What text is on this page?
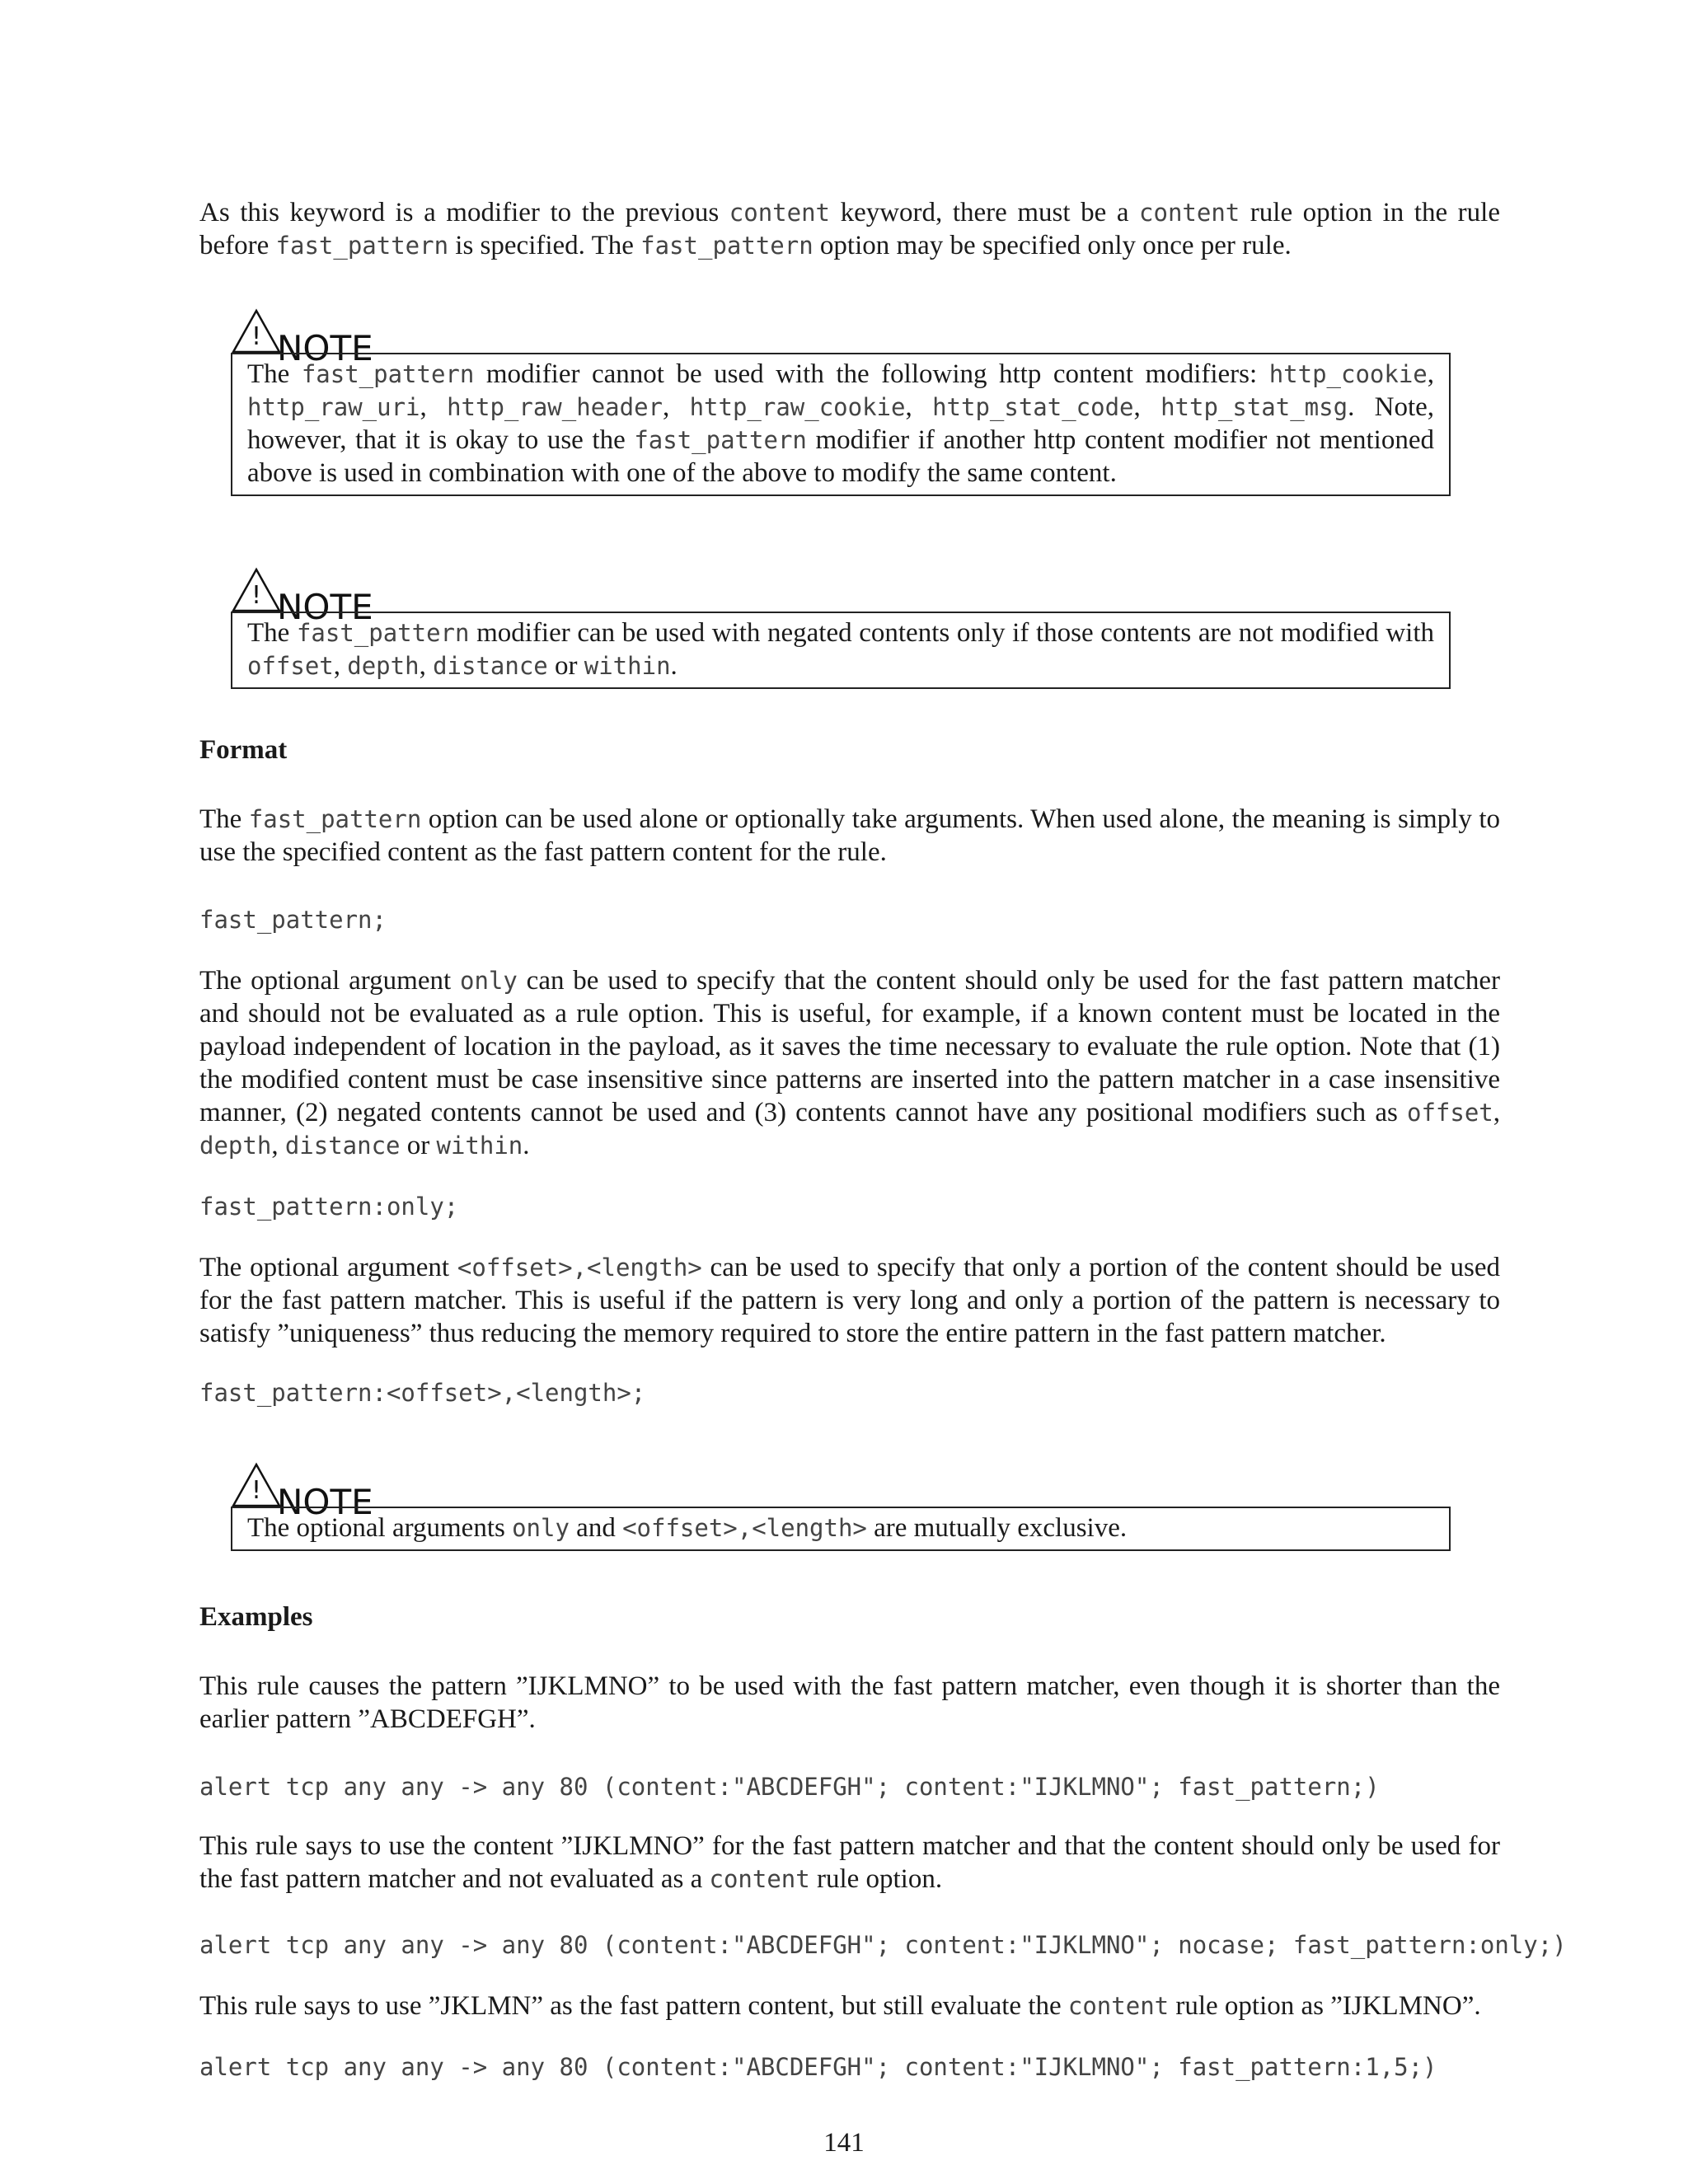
As this keyword is a modifier to the previous content keyword, there must be a content rule option in the rule before fast_pattern is specified. The fast_pattern option may be specified only once per rule.

! NOTE
The fast_pattern modifier cannot be used with the following http content modifiers: http_cookie, http_raw_uri, http_raw_header, http_raw_cookie, http_stat_code, http_stat_msg. Note, however, that it is okay to use the fast_pattern modifier if another http content modifier not mentioned above is used in combination with one of the above to modify the same content.
! NOTE
The fast_pattern modifier can be used with negated contents only if those contents are not modified with offset, depth, distance or within.

Format

The fast_pattern option can be used alone or optionally take arguments. When used alone, the meaning is simply to use the specified content as the fast pattern content for the rule.

fast_pattern;

The optional argument only can be used to specify that the content should only be used for the fast pattern matcher and should not be evaluated as a rule option. This is useful, for example, if a known content must be located in the payload independent of location in the payload, as it saves the time necessary to evaluate the rule option. Note that (1) the modified content must be case insensitive since patterns are inserted into the pattern matcher in a case insensitive manner, (2) negated contents cannot be used and (3) contents cannot have any positional modifiers such as offset, depth, distance or within.

fast_pattern:only;

The optional argument <offset>,<length> can be used to specify that only a portion of the content should be used for the fast pattern matcher. This is useful if the pattern is very long and only a portion of the pattern is necessary to satisfy ”uniqueness” thus reducing the memory required to store the entire pattern in the fast pattern matcher.

fast_pattern:<offset>,<length>;

! NOTE
The optional arguments only and <offset>,<length> are mutually exclusive.

Examples

This rule causes the pattern ”IJKLMNO” to be used with the fast pattern matcher, even though it is shorter than the earlier pattern ”ABCDEFGH”.

alert tcp any any -> any 80 (content:"ABCDEFGH"; content:"IJKLMNO"; fast_pattern;)

This rule says to use the content ”IJKLMNO” for the fast pattern matcher and that the content should only be used for the fast pattern matcher and not evaluated as a content rule option.

alert tcp any any -> any 80 (content:"ABCDEFGH"; content:"IJKLMNO"; nocase; fast_pattern:only;)

This rule says to use ”JKLMN” as the fast pattern content, but still evaluate the content rule option as ”IJKLMNO”.

alert tcp any any -> any 80 (content:"ABCDEFGH"; content:"IJKLMNO"; fast_pattern:1,5;)

141
